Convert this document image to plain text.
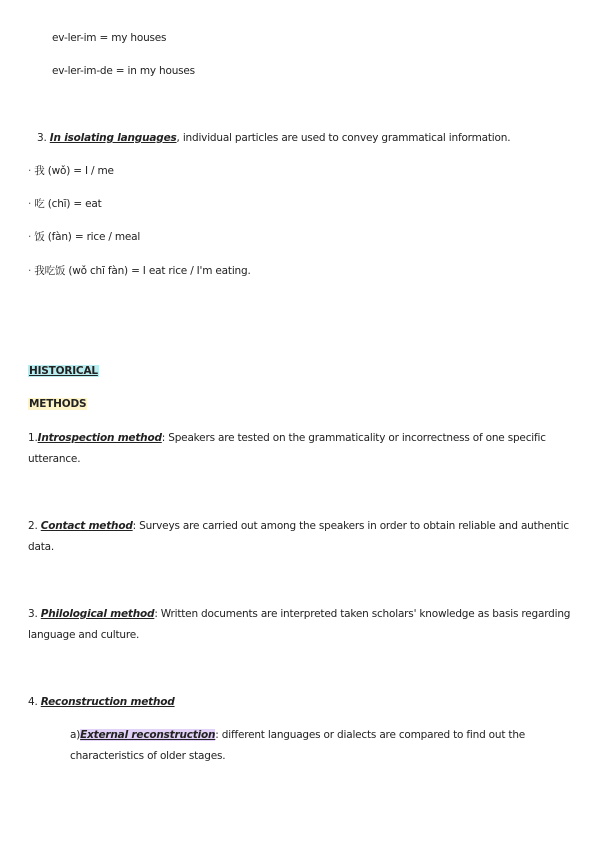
ev-ler-im = my houses
ev-ler-im-de = in my houses
3. In isolating languages, individual particles are used to convey grammatical information.
· 我 (wǒ) = I / me
· 吃 (chī) = eat
· 饭 (fàn) = rice / meal
· 我吃饭 (wǒ chī fàn) = I eat rice / I'm eating.
HISTORICAL
METHODS
1.Introspection method: Speakers are tested on the grammaticality or incorrectness of one specific utterance.
2. Contact method: Surveys are carried out among the speakers in order to obtain reliable and authentic data.
3. Philological method: Written documents are interpreted taken scholars' knowledge as basis regarding language and culture.
4. Reconstruction method
a)External reconstruction: different languages or dialects are compared to find out the characteristics of older stages.
